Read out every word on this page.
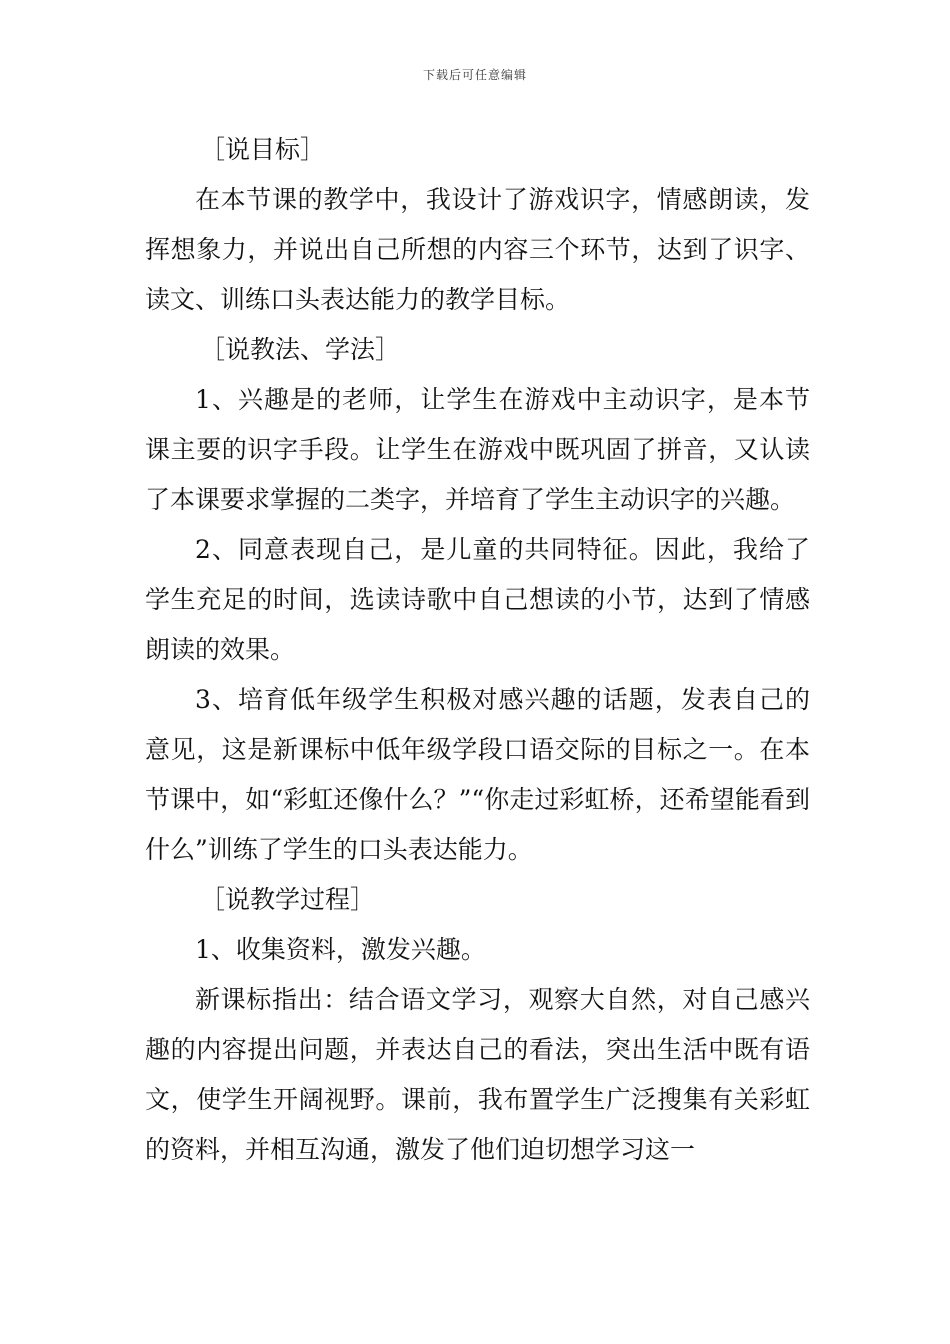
下载后可任意编辑

［说目标］

在本节课的教学中，我设计了游戏识字，情感朗读，发挥想象力，并说出自己所想的内容三个环节，达到了识字、读文、训练口头表达能力的教学目标。

［说教法、学法］

1、兴趣是的老师，让学生在游戏中主动识字，是本节课主要的识字手段。让学生在游戏中既巩固了拼音，又认读了本课要求掌握的二类字，并培育了学生主动识字的兴趣。

2、同意表现自己，是儿童的共同特征。因此，我给了学生充足的时间，选读诗歌中自己想读的小节，达到了情感朗读的效果。

3、培育低年级学生积极对感兴趣的话题，发表自己的意见，这是新课标中低年级学段口语交际的目标之一。在本节课中，如“彩虹还像什么？”“你走过彩虹桥，还希望能看到什么”训练了学生的口头表达能力。

［说教学过程］

1、收集资料，激发兴趣。

新课标指出：结合语文学习，观察大自然，对自己感兴趣的内容提出问题，并表达自己的看法，突出生活中既有语文，使学生开阔视野。课前，我布置学生广泛搜集有关彩虹的资料，并相互沟通，激发了他们迫切想学习这一
